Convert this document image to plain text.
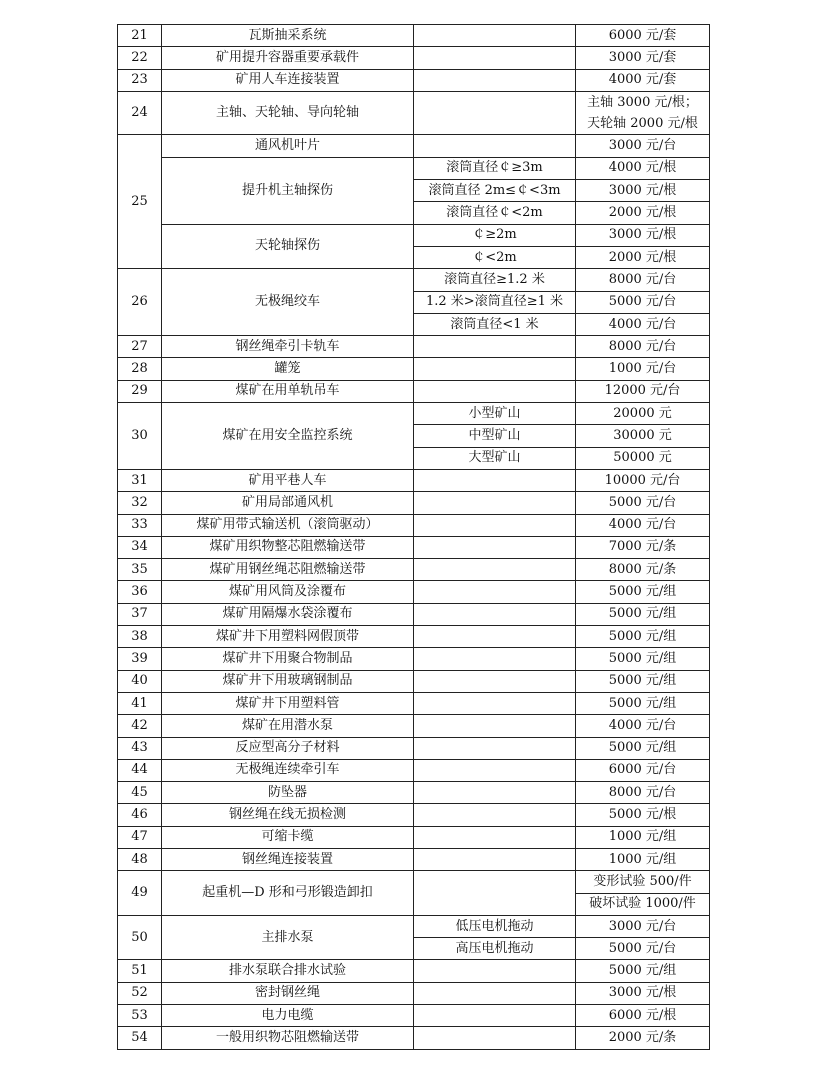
21	瓦斯抽采系统		6000 元/套
22	矿用提升容器重要承载件		3000 元/套
23	矿用人车连接装置		4000 元/套
24	主轴、天轮轴、导向轮轴		主轴 3000 元/根；
			天轮轴 2000 元/根
25	通风机叶片		3000 元/台
	提升机主轴探伤	滚筒直径￠≥3m	4000 元/根
		滚筒直径 2m≤￠<3m	3000 元/根
		滚筒直径￠<2m	2000 元/根
	天轮轴探伤	￠≥2m	3000 元/根
		￠<2m	2000 元/根
26	无极绳绞车	滚筒直径≥1.2 米	8000 元/台
		1.2 米>滚筒直径≥1 米	5000 元/台
		滚筒直径<1 米	4000 元/台
27	钢丝绳牵引卡轨车		8000 元/台
28	罐笼		1000 元/台
29	煤矿在用单轨吊车		12000 元/台
30	煤矿在用安全监控系统	小型矿山	20000 元
		中型矿山	30000 元
		大型矿山	50000 元
31	矿用平巷人车		10000 元/台
32	矿用局部通风机		5000 元/台
33	煤矿用带式输送机（滚筒驱动）		4000 元/台
34	煤矿用织物整芯阻燃输送带		7000 元/条
35	煤矿用钢丝绳芯阻燃输送带		8000 元/条
36	煤矿用风筒及涂覆布		5000 元/组
37	煤矿用隔爆水袋涂覆布		5000 元/组
38	煤矿井下用塑料网假顶带		5000 元/组
39	煤矿井下用聚合物制品		5000 元/组
40	煤矿井下用玻璃钢制品		5000 元/组
41	煤矿井下用塑料管		5000 元/组
42	煤矿在用潜水泵		4000 元/台
43	反应型高分子材料		5000 元/组
44	无极绳连续牵引车		6000 元/台
45	防坠器		8000 元/台
46	钢丝绳在线无损检测		5000 元/根
47	可缩卡缆		1000 元/组
48	钢丝绳连接装置		1000 元/组
49	起重机—D 形和弓形锻造卸扣		变形试验 500/件
			破坏试验 1000/件
50	主排水泵	低压电机拖动	3000 元/台
		高压电机拖动	5000 元/台
51	排水泵联合排水试验		5000 元/组
52	密封钢丝绳		3000 元/根
53	电力电缆		6000 元/根
54	一般用织物芯阻燃输送带		2000 元/条
